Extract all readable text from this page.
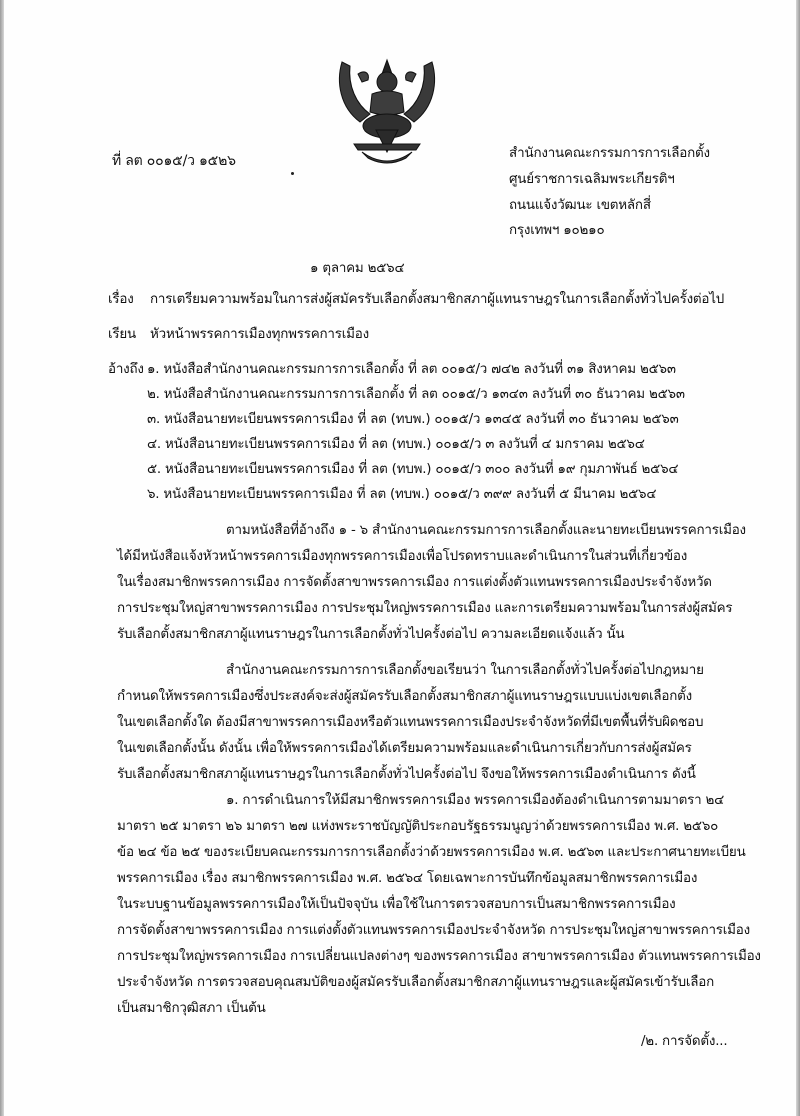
ที่ ลต ๐๐๑๕/ว ๑๕๒๖	สำนักงานคณะกรรมการการเลือกตั้ง
ศูนย์ราชการเฉลิมพระเกียรติฯ
ถนนแจ้งวัฒนะ เขตหลักสี่
กรุงเทพฯ ๑๐๒๑๐
๑ ตุลาคม ๒๕๖๔
เรื่อง การเตรียมความพร้อมในการส่งผู้สมัครรับเลือกตั้งสมาชิกสภาผู้แทนราษฎรในการเลือกตั้งทั่วไปครั้งต่อไป
เรียน หัวหน้าพรรคการเมืองทุกพรรคการเมือง
อ้างถึง ๑. หนังสือสำนักงานคณะกรรมการการเลือกตั้ง ที่ ลต ๐๐๑๕/ว ๗๔๒ ลงวันที่ ๓๑ สิงหาคม ๒๕๖๓
๒. หนังสือสำนักงานคณะกรรมการการเลือกตั้ง ที่ ลต ๐๐๑๕/ว ๑๓๔๓ ลงวันที่ ๓๐ ธันวาคม ๒๕๖๓
๓. หนังสือนายทะเบียนพรรคการเมือง ที่ ลต (ทบพ.) ๐๐๑๕/ว ๑๓๔๕ ลงวันที่ ๓๐ ธันวาคม ๒๕๖๓
๔. หนังสือนายทะเบียนพรรคการเมือง ที่ ลต (ทบพ.) ๐๐๑๕/ว ๓ ลงวันที่ ๔ มกราคม ๒๕๖๔
๕. หนังสือนายทะเบียนพรรคการเมือง ที่ ลต (ทบพ.) ๐๐๑๕/ว ๓๐๐ ลงวันที่ ๑๙ กุมภาพันธ์ ๒๕๖๔
๖. หนังสือนายทะเบียนพรรคการเมือง ที่ ลต (ทบพ.) ๐๐๑๕/ว ๓๙๙ ลงวันที่ ๕ มีนาคม ๒๕๖๔
ตามหนังสือที่อ้างถึง ๑ - ๖ สำนักงานคณะกรรมการการเลือกตั้งและนายทะเบียนพรรคการเมือง
ได้มีหนังสือแจ้งหัวหน้าพรรคการเมืองทุกพรรคการเมืองเพื่อโปรดทราบและดำเนินการในส่วนที่เกี่ยวข้อง
ในเรื่องสมาชิกพรรคการเมือง การจัดตั้งสาขาพรรคการเมือง การแต่งตั้งตัวแทนพรรคการเมืองประจำจังหวัด
การประชุมใหญ่สาขาพรรคการเมือง การประชุมใหญ่พรรคการเมือง และการเตรียมความพร้อมในการส่งผู้สมัคร
รับเลือกตั้งสมาชิกสภาผู้แทนราษฎรในการเลือกตั้งทั่วไปครั้งต่อไป ความละเอียดแจ้งแล้ว นั้น
สำนักงานคณะกรรมการการเลือกตั้งขอเรียนว่า ในการเลือกตั้งทั่วไปครั้งต่อไปกฎหมาย
กำหนดให้พรรคการเมืองซึ่งประสงค์จะส่งผู้สมัครรับเลือกตั้งสมาชิกสภาผู้แทนราษฎรแบบแบ่งเขตเลือกตั้ง
ในเขตเลือกตั้งใด ต้องมีสาขาพรรคการเมืองหรือตัวแทนพรรคการเมืองประจำจังหวัดที่มีเขตพื้นที่รับผิดชอบ
ในเขตเลือกตั้งนั้น ดังนั้น เพื่อให้พรรคการเมืองได้เตรียมความพร้อมและดำเนินการเกี่ยวกับการส่งผู้สมัคร
รับเลือกตั้งสมาชิกสภาผู้แทนราษฎรในการเลือกตั้งทั่วไปครั้งต่อไป จึงขอให้พรรคการเมืองดำเนินการ ดังนี้
๑. การดำเนินการให้มีสมาชิกพรรคการเมือง พรรคการเมืองต้องดำเนินการตามมาตรา ๒๔
มาตรา ๒๕ มาตรา ๒๖ มาตรา ๒๗ แห่งพระราชบัญญัติประกอบรัฐธรรมนูญว่าด้วยพรรคการเมือง พ.ศ. ๒๕๖๐
ข้อ ๒๔ ข้อ ๒๕ ของระเบียบคณะกรรมการการเลือกตั้งว่าด้วยพรรคการเมือง พ.ศ. ๒๕๖๓ และประกาศนายทะเบียน
พรรคการเมือง เรื่อง สมาชิกพรรคการเมือง พ.ศ. ๒๕๖๔ โดยเฉพาะการบันทึกข้อมูลสมาชิกพรรคการเมือง
ในระบบฐานข้อมูลพรรคการเมืองให้เป็นปัจจุบัน เพื่อใช้ในการตรวจสอบการเป็นสมาชิกพรรคการเมือง
การจัดตั้งสาขาพรรคการเมือง การแต่งตั้งตัวแทนพรรคการเมืองประจำจังหวัด การประชุมใหญ่สาขาพรรคการเมือง
การประชุมใหญ่พรรคการเมือง การเปลี่ยนแปลงต่างๆ ของพรรคการเมือง สาขาพรรคการเมือง ตัวแทนพรรคการเมือง
ประจำจังหวัด การตรวจสอบคุณสมบัติของผู้สมัครรับเลือกตั้งสมาชิกสภาผู้แทนราษฎรและผู้สมัครเข้ารับเลือก
เป็นสมาชิกวุฒิสภา เป็นต้น
/๒. การจัดตั้ง...
